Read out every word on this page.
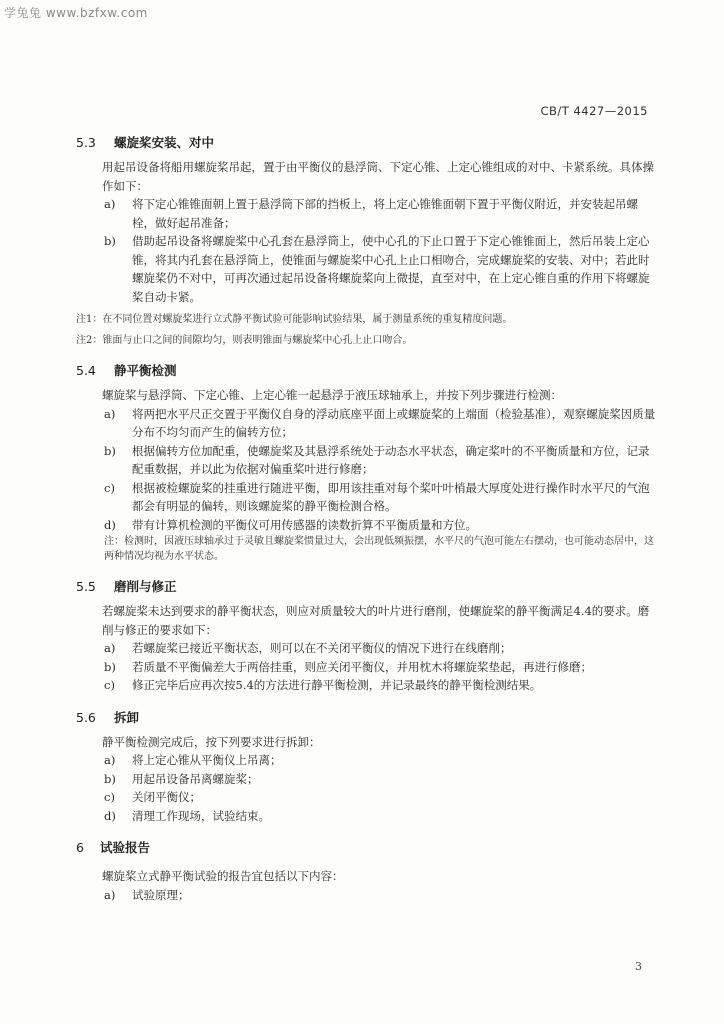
学兔兔 www.bzfxw.com
CB/T 4427—2015
5.3 螺旋桨安装、对中

用起吊设备将船用螺旋桨吊起，置于由平衡仪的悬浮筒、下定心锥、上定心锥组成的对中、卡紧系统。具体操作如下：

a) 将下定心锥锥面朝上置于悬浮筒下部的挡板上，将上定心锥锥面朝下置于平衡仪附近，并安装起吊螺栓，做好起吊准备；

b) 借助起吊设备将螺旋桨中心孔套在悬浮筒上，使中心孔的下止口置于下定心锥锥面上，然后吊装上定心锥，将其内孔套在悬浮筒上，使锥面与螺旋桨中心孔上止口相吻合，完成螺旋桨的安装、对中；若此时螺旋桨仍不对中，可再次通过起吊设备将螺旋桨向上微提，直至对中，在上定心锥自重的作用下将螺旋桨自动卡紧。

注1：在不同位置对螺旋桨进行立式静平衡试验可能影响试验结果，属于测量系统的重复精度问题。

注2：锥面与止口之间的间隙均匀，则表明锥面与螺旋桨中心孔上止口吻合。

5.4 静平衡检测

螺旋桨与悬浮筒、下定心锥、上定心锥一起悬浮于液压球轴承上，并按下列步骤进行检测：

a) 将两把水平尺正交置于平衡仪自身的浮动底座平面上或螺旋桨的上端面（检验基准），观察螺旋桨因质量分布不均匀而产生的偏转方位；

b) 根据偏转方位加配重，使螺旋桨及其悬浮系统处于动态水平状态，确定桨叶的不平衡质量和方位，记录配重数据，并以此为依据对偏重桨叶进行修磨；

c) 根据被检螺旋桨的挂重进行随进平衡，即用该挂重对每个桨叶叶梢最大厚度处进行操作时水平尺的气泡都会有明显的偏转，则该螺旋桨的静平衡检测合格。

d) 带有计算机检测的平衡仪可用传感器的读数折算不平衡质量和方位。

注：检测时，因液压球轴承过于灵敏且螺旋桨惯量过大，会出现低频振摆，水平尺的气泡可能左右摆动，也可能动态居中，这两种情况均视为水平状态。

5.5 磨削与修正

若螺旋桨未达到要求的静平衡状态，则应对质量较大的叶片进行磨削，使螺旋桨的静平衡满足4.4的要求。磨削与修正的要求如下：

a) 若螺旋桨已接近平衡状态，则可以在不关闭平衡仪的情况下进行在线磨削；

b) 若质量不平衡偏差大于两倍挂重，则应关闭平衡仪，并用枕木将螺旋桨垫起，再进行修磨；

c) 修正完毕后应再次按5.4的方法进行静平衡检测，并记录最终的静平衡检测结果。

5.6 拆卸

静平衡检测完成后，按下列要求进行拆卸：

a) 将上定心锥从平衡仪上吊离；

b) 用起吊设备吊离螺旋桨；

c) 关闭平衡仪；

d) 清理工作现场，试验结束。

6 试验报告

螺旋桨立式静平衡试验的报告宜包括以下内容：

a) 试验原理；

3
